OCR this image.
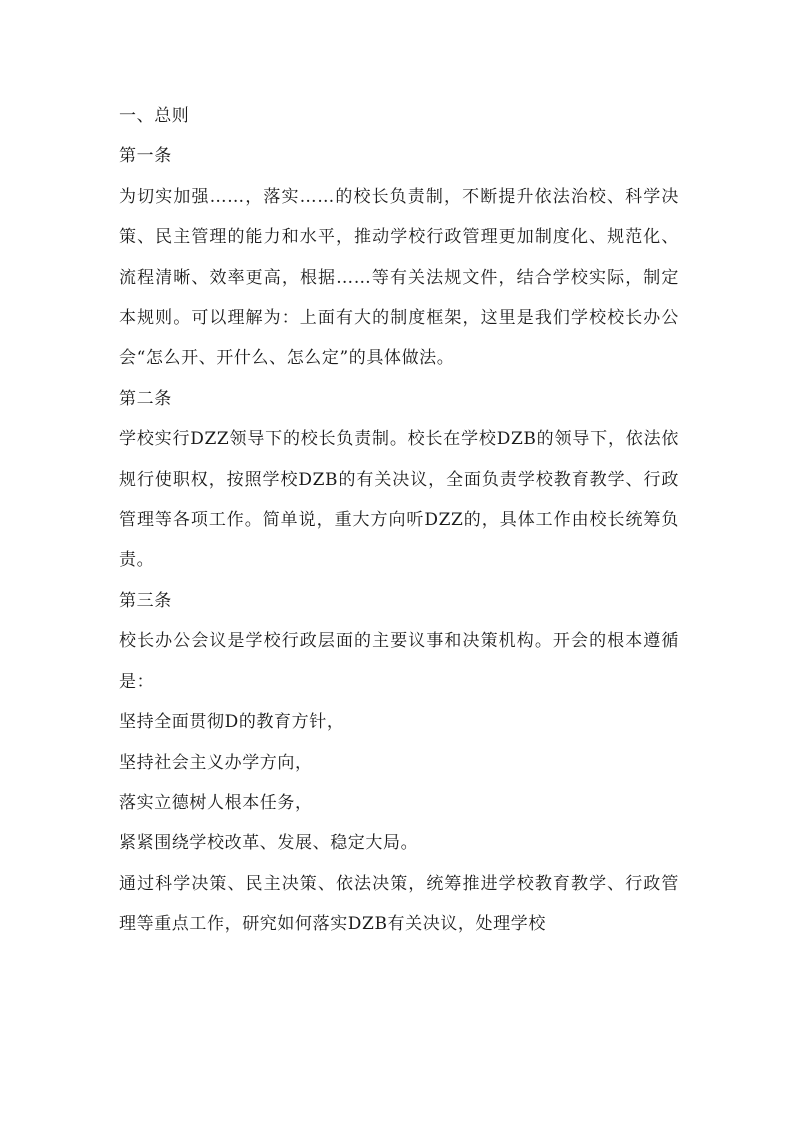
一、总则

第一条

为切实加强……，落实……的校长负责制，不断提升依法治校、科学决策、民主管理的能力和水平，推动学校行政管理更加制度化、规范化、流程清晰、效率更高，根据……等有关法规文件，结合学校实际，制定本规则。可以理解为：上面有大的制度框架，这里是我们学校校长办公会“怎么开、开什么、怎么定”的具体做法。

第二条

学校实行DZZ领导下的校长负责制。校长在学校DZB的领导下，依法依规行使职权，按照学校DZB的有关决议，全面负责学校教育教学、行政管理等各项工作。简单说，重大方向听DZZ的，具体工作由校长统筹负责。

第三条

校长办公会议是学校行政层面的主要议事和决策机构。开会的根本遵循是：

坚持全面贯彻D的教育方针，

坚持社会主义办学方向，

落实立德树人根本任务，

紧紧围绕学校改革、发展、稳定大局。

通过科学决策、民主决策、依法决策，统筹推进学校教育教学、行政管理等重点工作，研究如何落实DZB有关决议，处理学校
